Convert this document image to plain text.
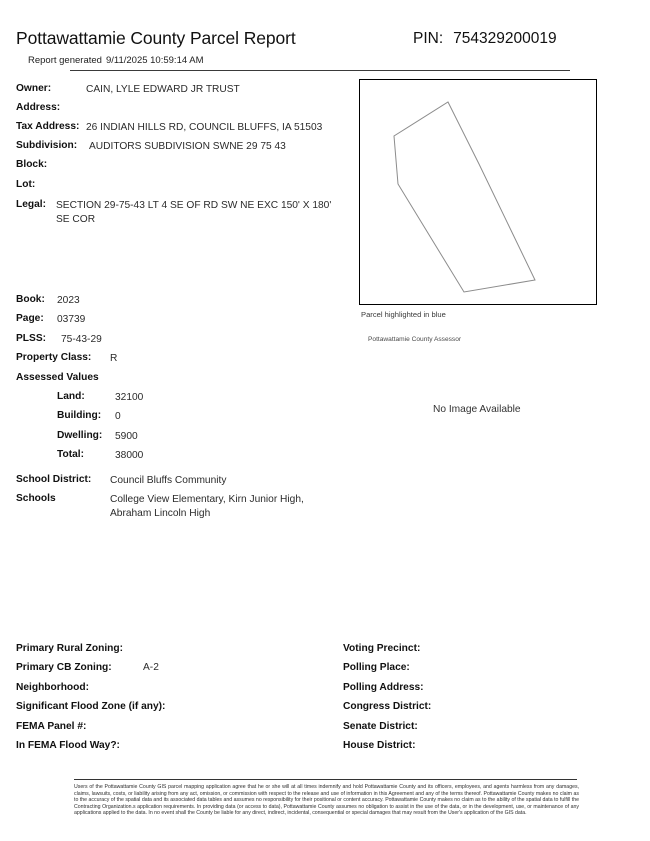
Pottawattamie County Parcel Report	PIN: 754329200019
Report generated 9/11/2025 10:59:14 AM
Owner:	CAIN, LYLE EDWARD JR TRUST
Address:
Tax Address: 26 INDIAN HILLS RD, COUNCIL BLUFFS, IA 51503
Subdivision: AUDITORS SUBDIVISION SWNE 29 75 43
Block:
Lot:
Legal: SECTION 29-75-43 LT 4 SE OF RD SW NE EXC 150' X 180'
SE COR
Book: 2023
Page: 03739
PLSS: 75-43-29
Property Class: R
Assessed Values
Land:	32100
Building: 0
Dwelling: 5900
Total:	38000
School District: Council Bluffs Community
Schools	College View Elementary, Kirn Junior High,
Abraham Lincoln High
Parcel highlighted in blue
Pottawattamie County Assessor
No Image Available
Primary Rural Zoning:
Primary CB Zoning:	A-2
Neighborhood:
Significant Flood Zone (if any):
FEMA Panel #:
In FEMA Flood Way?:
Voting Precinct:
Polling Place:
Polling Address:
Congress District:
Senate District:
House District:
Users of the Pottawattamie County GIS parcel mapping application agree that he or she will at all times indemnify and hold Pottawattamie County and its officers, employees, and agents harmless from any damages, claims, lawsuits, costs, or liability arising from any act, omission, or commission with respect to the release and use of information in this Agreement and any of the terms thereof. Pottawattamie County makes no claim as to the accuracy of the spatial data and its associated data tables and assumes no responsibility for their positional or content accuracy. Pottawattamie County makes no claim as to the ability of the spatial data to fulfill the Contracting Organization.s application requirements. In providing data (or access to data), Pottawattamie County assumes no obligation to assist in the use of the data, or in the development, use, or maintenance of any applications applied to the data. In no event shall the County be liable for any direct, indirect, incidental, consequential or special damages that may result from the User's application of the GIS data.
